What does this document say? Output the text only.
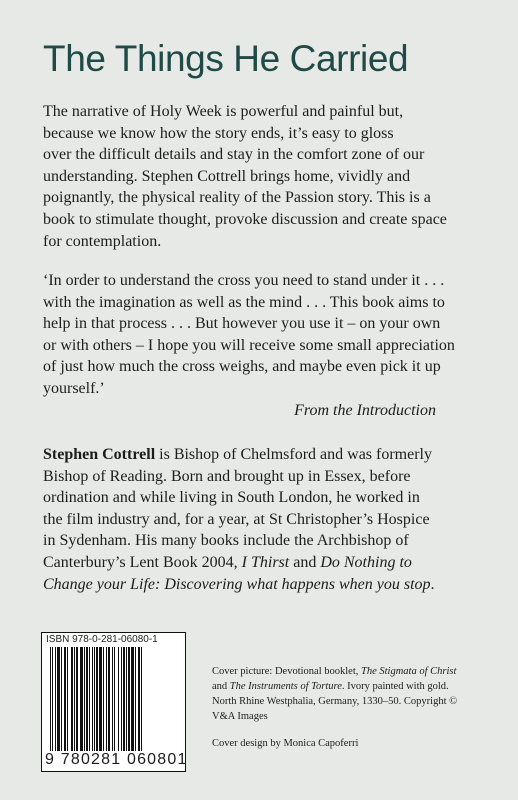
The Things He Carried
The narrative of Holy Week is powerful and painful but,
because we know how the story ends, it’s easy to gloss
over the difficult details and stay in the comfort zone of our
understanding. Stephen Cottrell brings home, vividly and
poignantly, the physical reality of the Passion story. This is a
book to stimulate thought, provoke discussion and create space
for contemplation.
‘In order to understand the cross you need to stand under it . . .
with the imagination as well as the mind . . . This book aims to
help in that process . . . But however you use it – on your own
or with others – I hope you will receive some small appreciation
of just how much the cross weighs, and maybe even pick it up
yourself.’
From the Introduction
Stephen Cottrell is Bishop of Chelmsford and was formerly
Bishop of Reading. Born and brought up in Essex, before
ordination and while living in South London, he worked in
the film industry and, for a year, at St Christopher’s Hospice
in Sydenham. His many books include the Archbishop of
Canterbury’s Lent Book 2004, I Thirst and Do Nothing to
Change your Life: Discovering what happens when you stop.
ISBN 978-0-281-06080-1
9 780281 060801
Cover picture: Devotional booklet, The Stigmata of Christ
and The Instruments of Torture. Ivory painted with gold.
North Rhine Westphalia, Germany, 1330–50. Copyright ©
V&A Images
Cover design by Monica Capoferri
